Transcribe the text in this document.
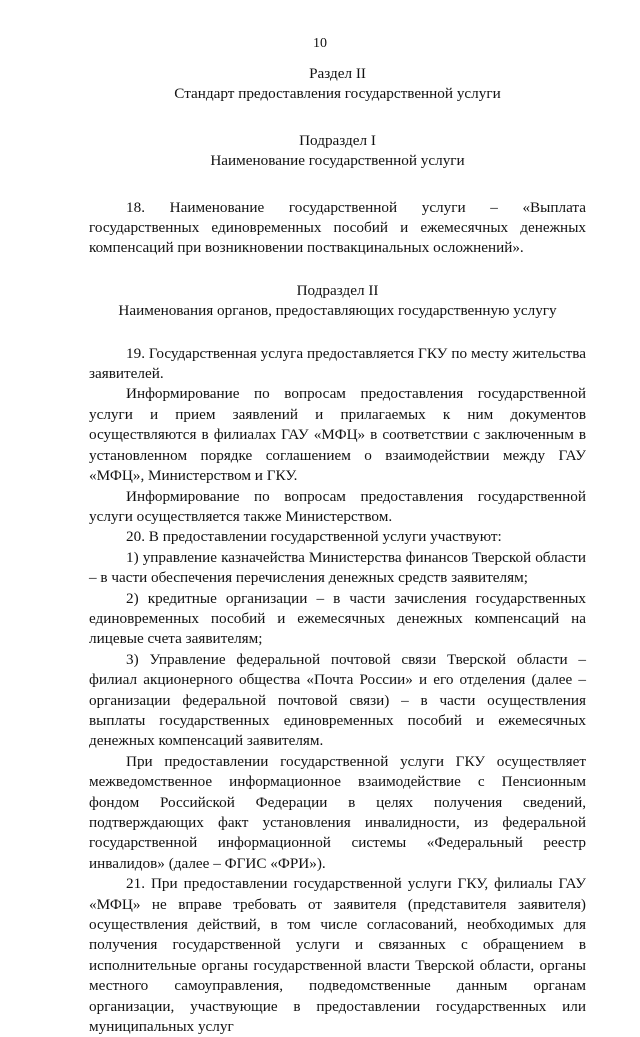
10

Раздел II

Стандарт предоставления государственной услуги

Подраздел I

Наименование государственной услуги

18. Наименование государственной услуги – «Выплата государственных единовременных пособий и ежемесячных денежных компенсаций при возникновении поствакцинальных осложнений».

Подраздел II

Наименования органов, предоставляющих государственную услугу

19. Государственная услуга предоставляется ГКУ по месту жительства заявителей.

Информирование по вопросам предоставления государственной услуги и прием заявлений и прилагаемых к ним документов осуществляются в филиалах ГАУ «МФЦ» в соответствии с заключенным в установленном порядке соглашением о взаимодействии между ГАУ «МФЦ», Министерством и ГКУ.

Информирование по вопросам предоставления государственной услуги осуществляется также Министерством.

20. В предоставлении государственной услуги участвуют:

1) управление казначейства Министерства финансов Тверской области – в части обеспечения перечисления денежных средств заявителям;

2) кредитные организации – в части зачисления государственных единовременных пособий и ежемесячных денежных компенсаций на лицевые счета заявителям;

3) Управление федеральной почтовой связи Тверской области – филиал акционерного общества «Почта России» и его отделения (далее – организации федеральной почтовой связи) – в части осуществления выплаты государственных единовременных пособий и ежемесячных денежных компенсаций заявителям.

При предоставлении государственной услуги ГКУ осуществляет межведомственное информационное взаимодействие с Пенсионным фондом Российской Федерации в целях получения сведений, подтверждающих факт установления инвалидности, из федеральной государственной информационной системы «Федеральный реестр инвалидов» (далее – ФГИС «ФРИ»).

21. При предоставлении государственной услуги ГКУ, филиалы ГАУ «МФЦ» не вправе требовать от заявителя (представителя заявителя) осуществления действий, в том числе согласований, необходимых для получения государственной услуги и связанных с обращением в исполнительные органы государственной власти Тверской области, органы местного самоуправления, подведомственные данным органам организации, участвующие в предоставлении государственных или муниципальных услуг
